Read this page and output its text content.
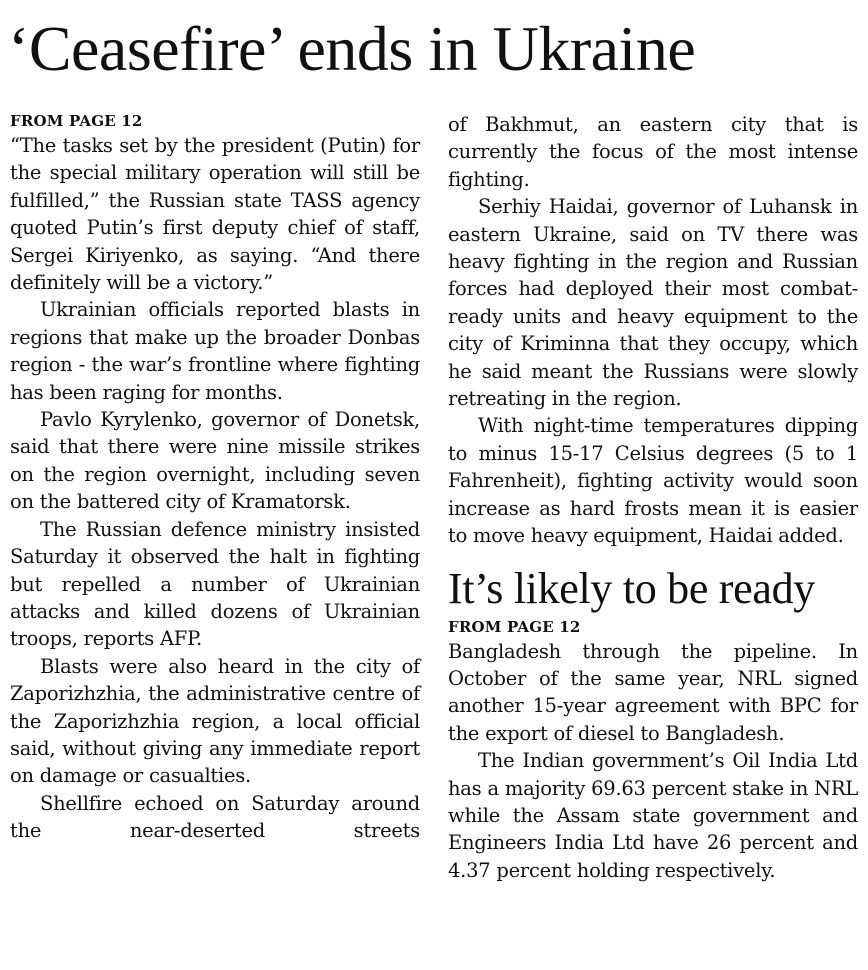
‘Ceasefire’ ends in Ukraine

FROM PAGE 12

“The tasks set by the president (Putin) for the special military operation will still be fulfilled,” the Russian state TASS agency quoted Putin’s first deputy chief of staff, Sergei Kiriyenko, as saying. “And there definitely will be a victory.”

Ukrainian officials reported blasts in regions that make up the broader Donbas region - the war’s frontline where fighting has been raging for months.

Pavlo Kyrylenko, governor of Donetsk, said that there were nine missile strikes on the region overnight, including seven on the battered city of Kramatorsk.

The Russian defence ministry insisted Saturday it observed the halt in fighting but repelled a number of Ukrainian attacks and killed dozens of Ukrainian troops, reports AFP.

Blasts were also heard in the city of Zaporizhzhia, the administrative centre of the Zaporizhzhia region, a local official said, without giving any immediate report on damage or casualties.

Shellfire echoed on Saturday around the near-deserted streets

of Bakhmut, an eastern city that is currently the focus of the most intense fighting.

Serhiy Haidai, governor of Luhansk in eastern Ukraine, said on TV there was heavy fighting in the region and Russian forces had deployed their most combat-ready units and heavy equipment to the city of Kriminna that they occupy, which he said meant the Russians were slowly retreating in the region.

With night-time temperatures dipping to minus 15-17 Celsius degrees (5 to 1 Fahrenheit), fighting activity would soon increase as hard frosts mean it is easier to move heavy equipment, Haidai added.

It’s likely to be ready

FROM PAGE 12

Bangladesh through the pipeline. In October of the same year, NRL signed another 15-year agreement with BPC for the export of diesel to Bangladesh.

The Indian government’s Oil India Ltd has a majority 69.63 percent stake in NRL while the Assam state government and Engineers India Ltd have 26 percent and 4.37 percent holding respectively.
